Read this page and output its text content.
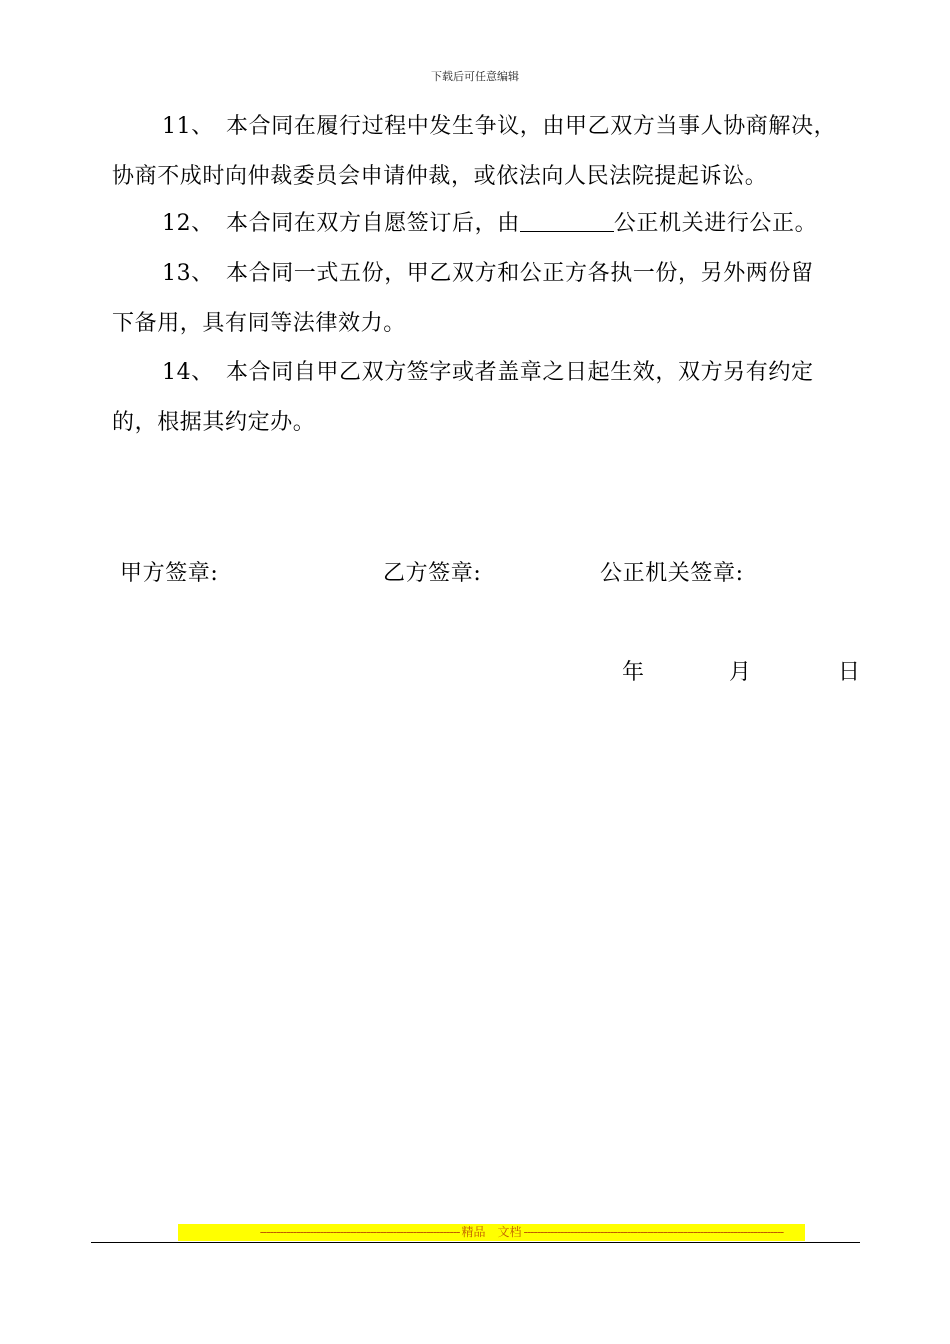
下载后可任意编辑
11、 本合同在履行过程中发生争议，由甲乙双方当事人协商解决，
协商不成时向仲裁委员会申请仲裁，或依法向人民法院提起诉讼。
12、 本合同在双方自愿签订后，由	公正机关进行公正。
13、 本合同一式五份，甲乙双方和公正方各执一份，另外两份留
下备用，具有同等法律效力。
14、 本合同自甲乙双方签字或者盖章之日起生效，双方另有约定
的，根据其约定办。
甲方签章:	乙方签章:	公正机关签章:
年	月	日
------------------------------------------------------------ 精品　文档 ------------------------------------------------------------------------------
